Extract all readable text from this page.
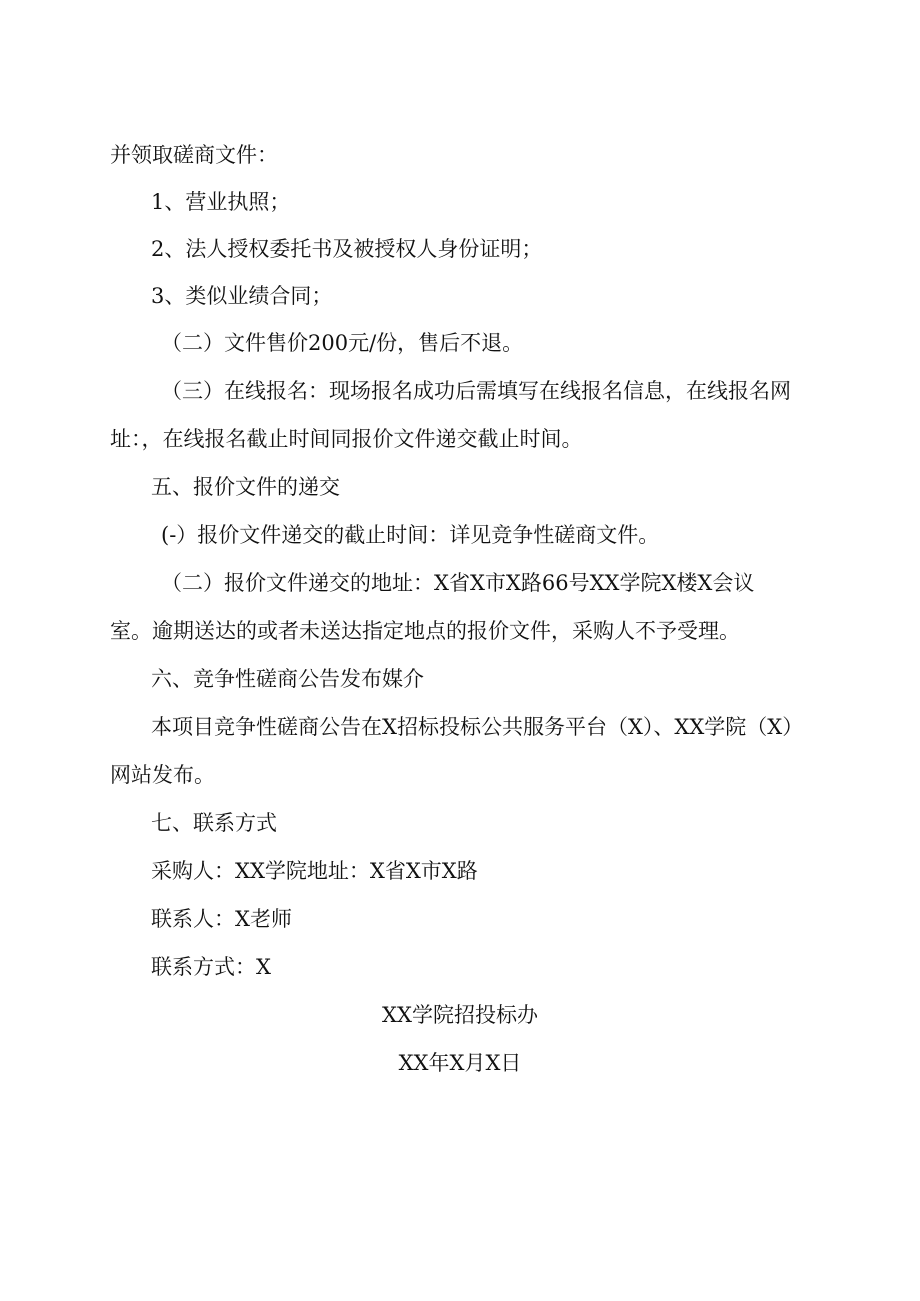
并领取磋商文件：
1、营业执照；
2、法人授权委托书及被授权人身份证明；
3、类似业绩合同；
（二）文件售价200元/份，售后不退。
（三）在线报名：现场报名成功后需填写在线报名信息，在线报名网
址：，在线报名截止时间同报价文件递交截止时间。
五、报价文件的递交
(-）报价文件递交的截止时间：详见竞争性磋商文件。
（二）报价文件递交的地址：X省X市X路66号XX学院X楼X会议
室。逾期送达的或者未送达指定地点的报价文件，采购人不予受理。
六、竞争性磋商公告发布媒介
本项目竞争性磋商公告在X招标投标公共服务平台（X）、XX学院（X）
网站发布。
七、联系方式
采购人：XX学院地址：X省X市X路
联系人：X老师
联系方式：X
XX学院招投标办
XX年X月X日
